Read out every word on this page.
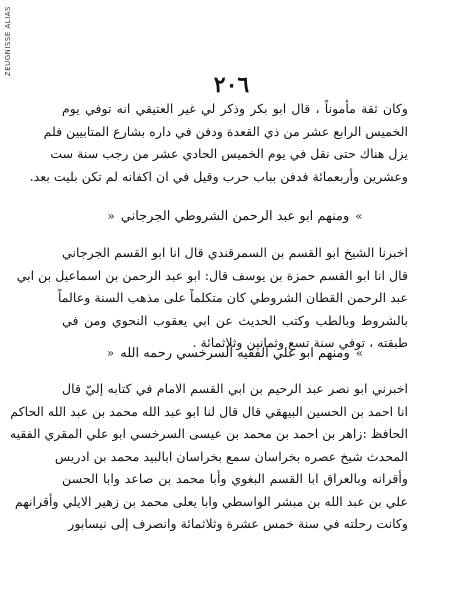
ZEUGNISSE ALIAS
٢٠٦
وكان ثقة مأموناً ، قال ابو بكر وذكر لي غير العتيقي انه توفي يوم
الخميس الرابع عشر من ذي القعدة ودفن في داره بشارع المتابيين فلم
يزل هناك حتى نقل في يوم الخميس الحادي عشر من رجب سنة ست
وعشرين وأربعمائة فدفن بباب حرب وقيل في ان اكفانه لم تكن بليت بعد.
»ومنهم ابو عبد الرحمن الشروطي الجرجاني«
اخبرنا الشيخ ابو القسم بن السمرقندي قال انا ابو القسم الجرجاني
قال انا ابو القسم حمزة بن يوسف قال: ابو عبد الرحمن بن اسماعيل بن ابي
عبد الرحمن القطان الشروطي كان متكلماً على مذهب السنة وعالماً
بالشروط وبالطب وكتب الحديث عن ابي يعقوب النحوي ومن في
طبقته ، توفي سنة تسع وثمانين وثلاثمائة .
»ومنهم ابو علي الفقيه السرخسي رحمه الله«
اخبرني ابو نصر عبد الرحيم بن ابي القسم الامام في كتابه إليّ قال
انا احمد بن الحسين البيهقي قال قال لنا ابو عبد الله محمد بن عبد الله الحاكم
الحافظ :زاهر بن احمد بن محمد بن عيسى السرخسي ابو علي المقري الفقيه
المحدث شيخ عصره بخراسان سمع بخراسان ابالبيد محمد بن ادريس
وأقرانه وبالعراق ابا القسم البغوي وأبا محمد بن صاعد وابا الحسن
علي بن عبد الله بن مبشر الواسطي وابا يعلى محمد بن زهير الايلي وأقرانهم
وكانت رحلته في سنة خمس عشرة وثلاثمائة وانصرف إلى نيسابور
